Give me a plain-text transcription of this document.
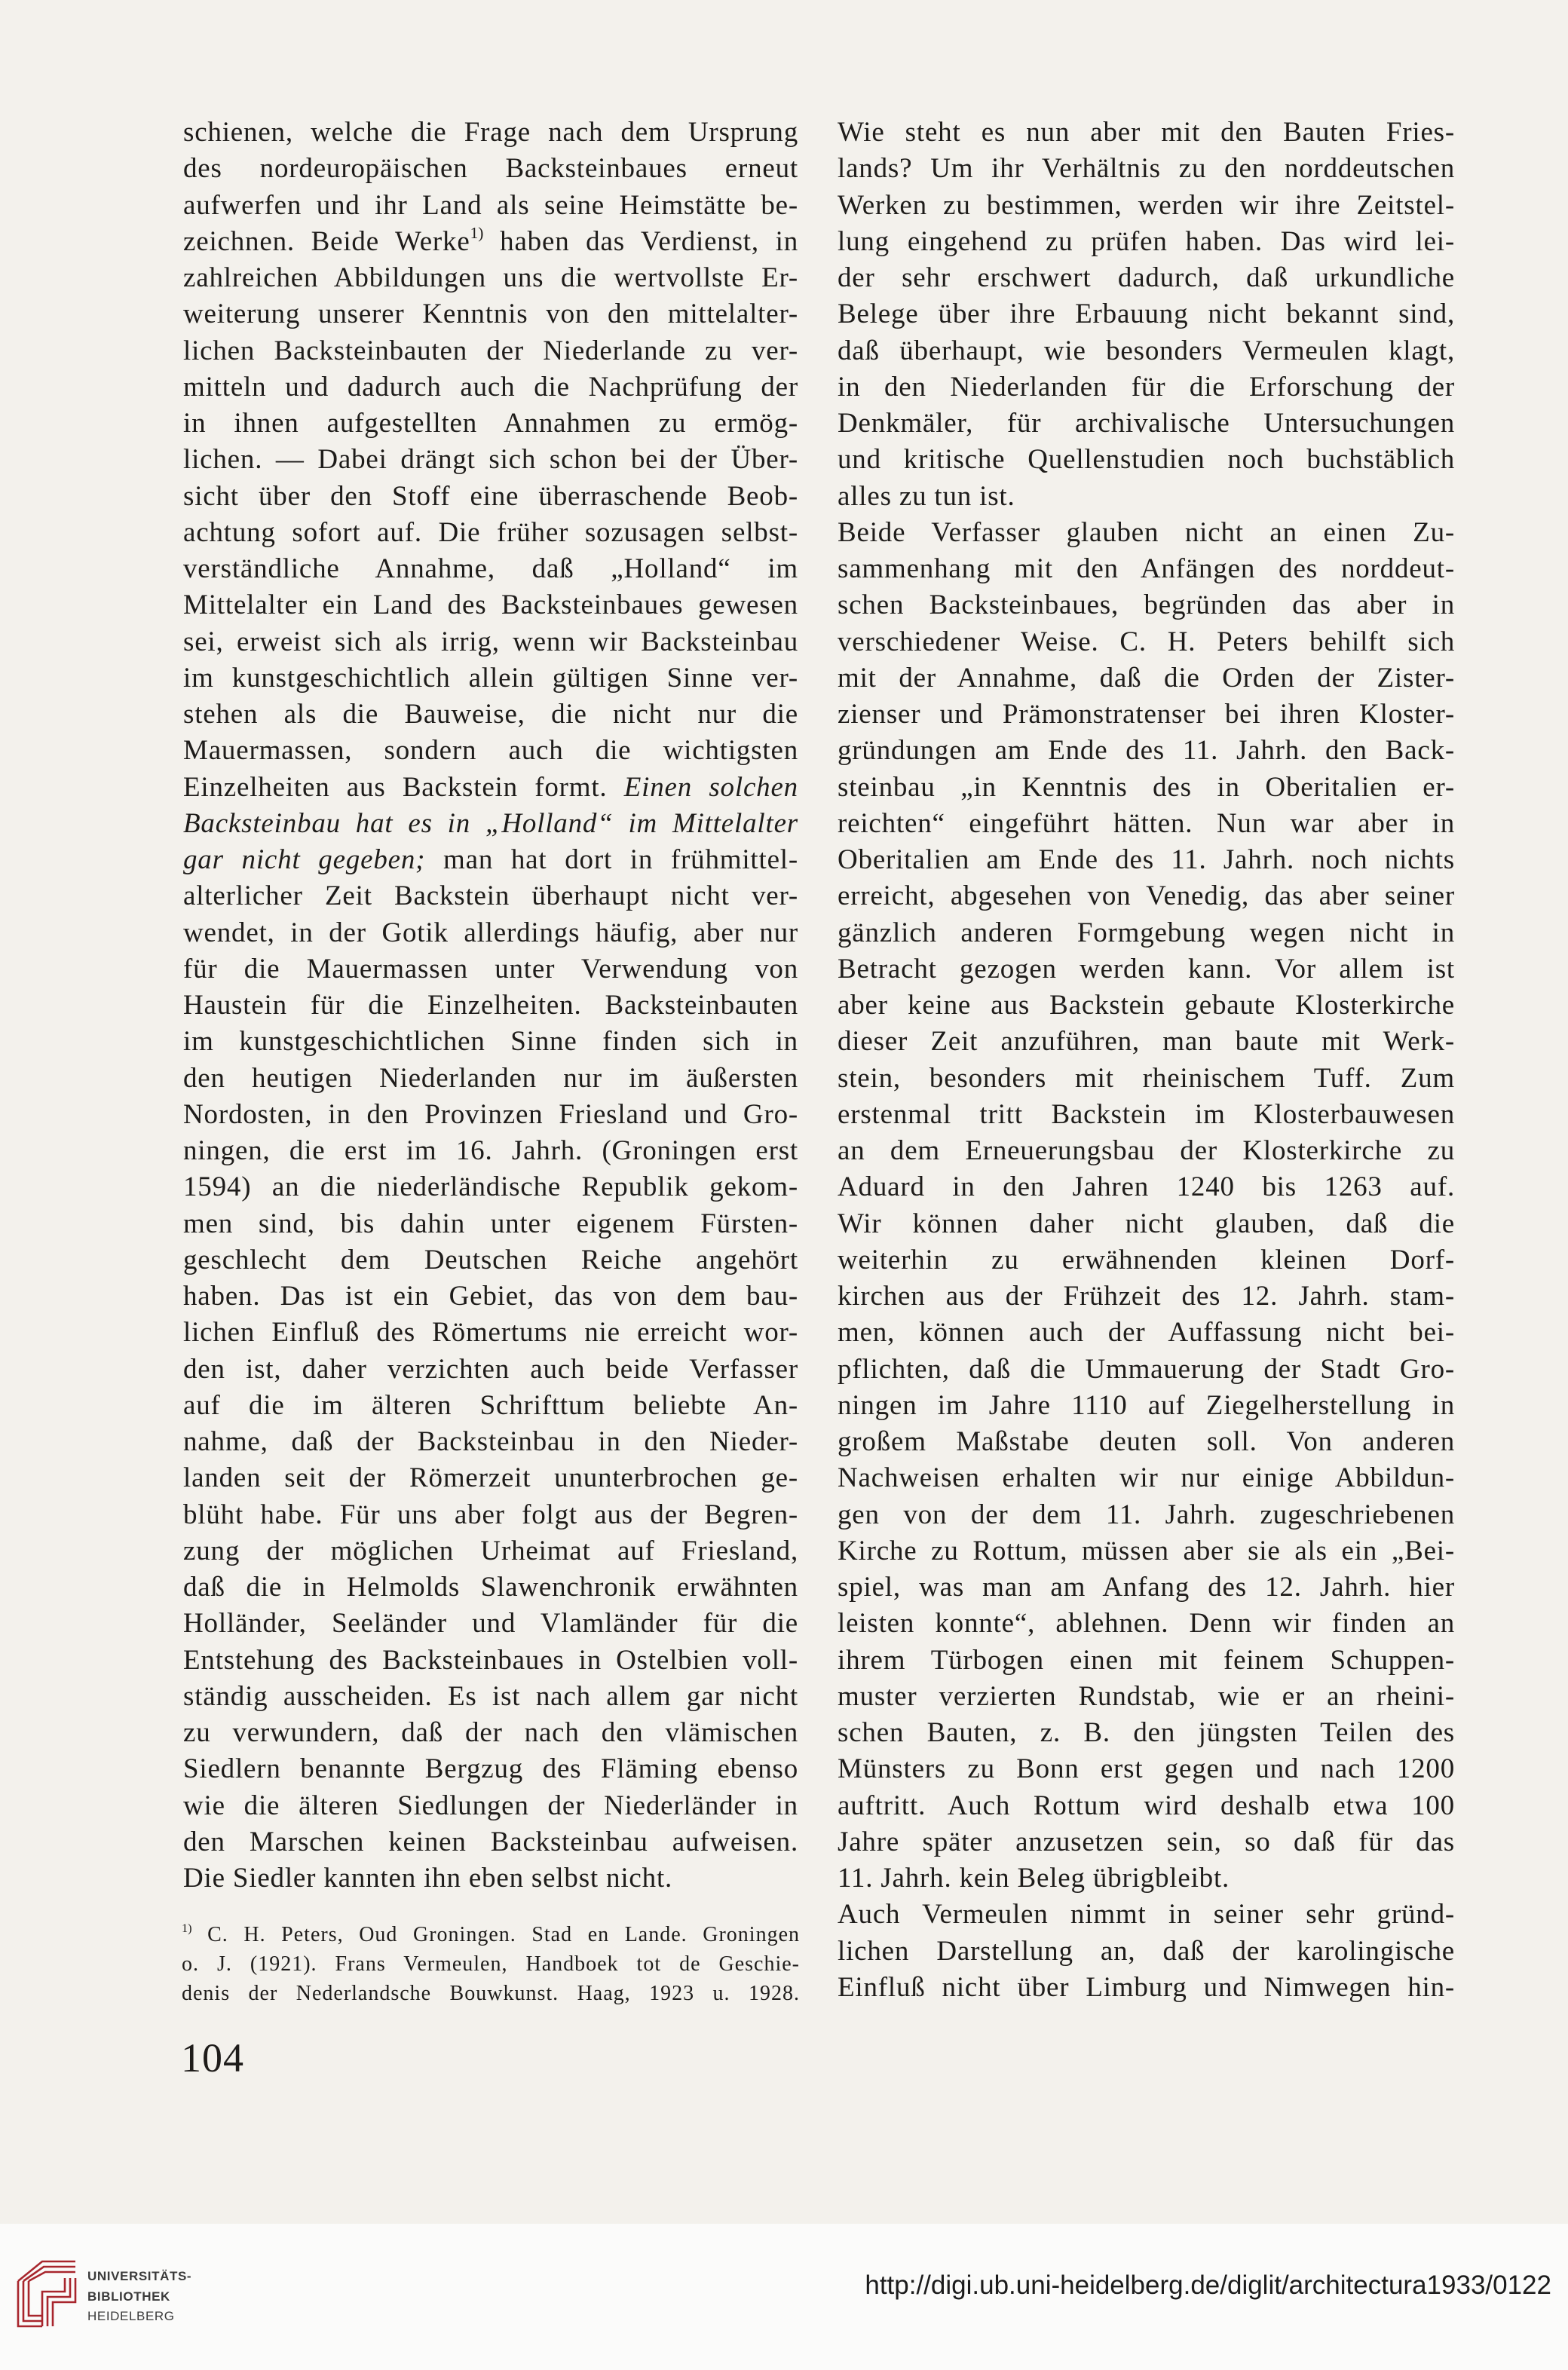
schienen, welche die Frage nach dem Ursprung
des nordeuropäischen Backsteinbaues erneut
aufwerfen und ihr Land als seine Heimstätte be-
zeichnen. Beide Werke$^{1)}$ haben das Verdienst, in
zahlreichen Abbildungen uns die wertvollste Er-
weiterung unserer Kenntnis von den mittelalter-
lichen Backsteinbauten der Niederlande zu ver-
mitteln und dadurch auch die Nachprüfung der
in ihnen aufgestellten Annahmen zu ermög-
lichen. — Dabei drängt sich schon bei der Über-
sicht über den Stoff eine überraschende Beob-
achtung sofort auf. Die früher sozusagen selbst-
verständliche Annahme, daß „Holland“ im
Mittelalter ein Land des Backsteinbaues gewesen
sei, erweist sich als irrig, wenn wir Backsteinbau
im kunstgeschichtlich allein gültigen Sinne ver-
stehen als die Bauweise, die nicht nur die
Mauermassen, sondern auch die wichtigsten
Einzelheiten aus Backstein formt. Einen solchen
Backsteinbau hat es in „Holland“ im Mittelalter
gar nicht gegeben; man hat dort in frühmittel-
alterlicher Zeit Backstein überhaupt nicht ver-
wendet, in der Gotik allerdings häufig, aber nur
für die Mauermassen unter Verwendung von
Haustein für die Einzelheiten. Backsteinbauten
im kunstgeschichtlichen Sinne finden sich in
den heutigen Niederlanden nur im äußersten
Nordosten, in den Provinzen Friesland und Gro-
ningen, die erst im 16. Jahrh. (Groningen erst
1594) an die niederländische Republik gekom-
men sind, bis dahin unter eigenem Fürsten-
geschlecht dem Deutschen Reiche angehört
haben. Das ist ein Gebiet, das von dem bau-
lichen Einfluß des Römertums nie erreicht wor-
den ist, daher verzichten auch beide Verfasser
auf die im älteren Schrifttum beliebte An-
nahme, daß der Backsteinbau in den Nieder-
landen seit der Römerzeit ununterbrochen ge-
blüht habe. Für uns aber folgt aus der Begren-
zung der möglichen Urheimat auf Friesland,
daß die in Helmolds Slawenchronik erwähnten
Holländer, Seeländer und Vlamländer für die
Entstehung des Backsteinbaues in Ostelbien voll-
ständig ausscheiden. Es ist nach allem gar nicht
zu verwundern, daß der nach den vlämischen
Siedlern benannte Bergzug des Fläming ebenso
wie die älteren Siedlungen der Niederländer in
den Marschen keinen Backsteinbau aufweisen.
Die Siedler kannten ihn eben selbst nicht.
Wie steht es nun aber mit den Bauten Fries-
lands? Um ihr Verhältnis zu den norddeutschen
Werken zu bestimmen, werden wir ihre Zeitstel-
lung eingehend zu prüfen haben. Das wird lei-
der sehr erschwert dadurch, daß urkundliche
Belege über ihre Erbauung nicht bekannt sind,
daß überhaupt, wie besonders Vermeulen klagt,
in den Niederlanden für die Erforschung der
Denkmäler, für archivalische Untersuchungen
und kritische Quellenstudien noch buchstäblich
alles zu tun ist.
Beide Verfasser glauben nicht an einen Zu-
sammenhang mit den Anfängen des norddeut-
schen Backsteinbaues, begründen das aber in
verschiedener Weise. C. H. Peters behilft sich
mit der Annahme, daß die Orden der Zister-
zienser und Prämonstratenser bei ihren Kloster-
gründungen am Ende des 11. Jahrh. den Back-
steinbau „in Kenntnis des in Oberitalien er-
reichten“ eingeführt hätten. Nun war aber in
Oberitalien am Ende des 11. Jahrh. noch nichts
erreicht, abgesehen von Venedig, das aber seiner
gänzlich anderen Formgebung wegen nicht in
Betracht gezogen werden kann. Vor allem ist
aber keine aus Backstein gebaute Klosterkirche
dieser Zeit anzuführen, man baute mit Werk-
stein, besonders mit rheinischem Tuff. Zum
erstenmal tritt Backstein im Klosterbauwesen
an dem Erneuerungsbau der Klosterkirche zu
Aduard in den Jahren 1240 bis 1263 auf.
Wir können daher nicht glauben, daß die
weiterhin zu erwähnenden kleinen Dorf-
kirchen aus der Frühzeit des 12. Jahrh. stam-
men, können auch der Auffassung nicht bei-
pflichten, daß die Ummauerung der Stadt Gro-
ningen im Jahre 1110 auf Ziegelherstellung in
großem Maßstabe deuten soll. Von anderen
Nachweisen erhalten wir nur einige Abbildun-
gen von der dem 11. Jahrh. zugeschriebenen
Kirche zu Rottum, müssen aber sie als ein „Bei-
spiel, was man am Anfang des 12. Jahrh. hier
leisten konnte“, ablehnen. Denn wir finden an
ihrem Türbogen einen mit feinem Schuppen-
muster verzierten Rundstab, wie er an rheini-
schen Bauten, z. B. den jüngsten Teilen des
Münsters zu Bonn erst gegen und nach 1200
auftritt. Auch Rottum wird deshalb etwa 100
Jahre später anzusetzen sein, so daß für das
11. Jahrh. kein Beleg übrigbleibt.
Auch Vermeulen nimmt in seiner sehr gründ-
lichen Darstellung an, daß der karolingische
Einfluß nicht über Limburg und Nimwegen hin-
$^{1)}$ C. H. Peters, Oud Groningen. Stad en Lande. Groningen
o. J. (1921). Frans Vermeulen, Handboek tot de Geschie-
denis der Nederlandsche Bouwkunst. Haag, 1923 u. 1928.
104
UNIVERSITÄTS-
BIBLIOTHEK
HEIDELBERG
http://digi.ub.uni-heidelberg.de/diglit/architectura1933/0122
